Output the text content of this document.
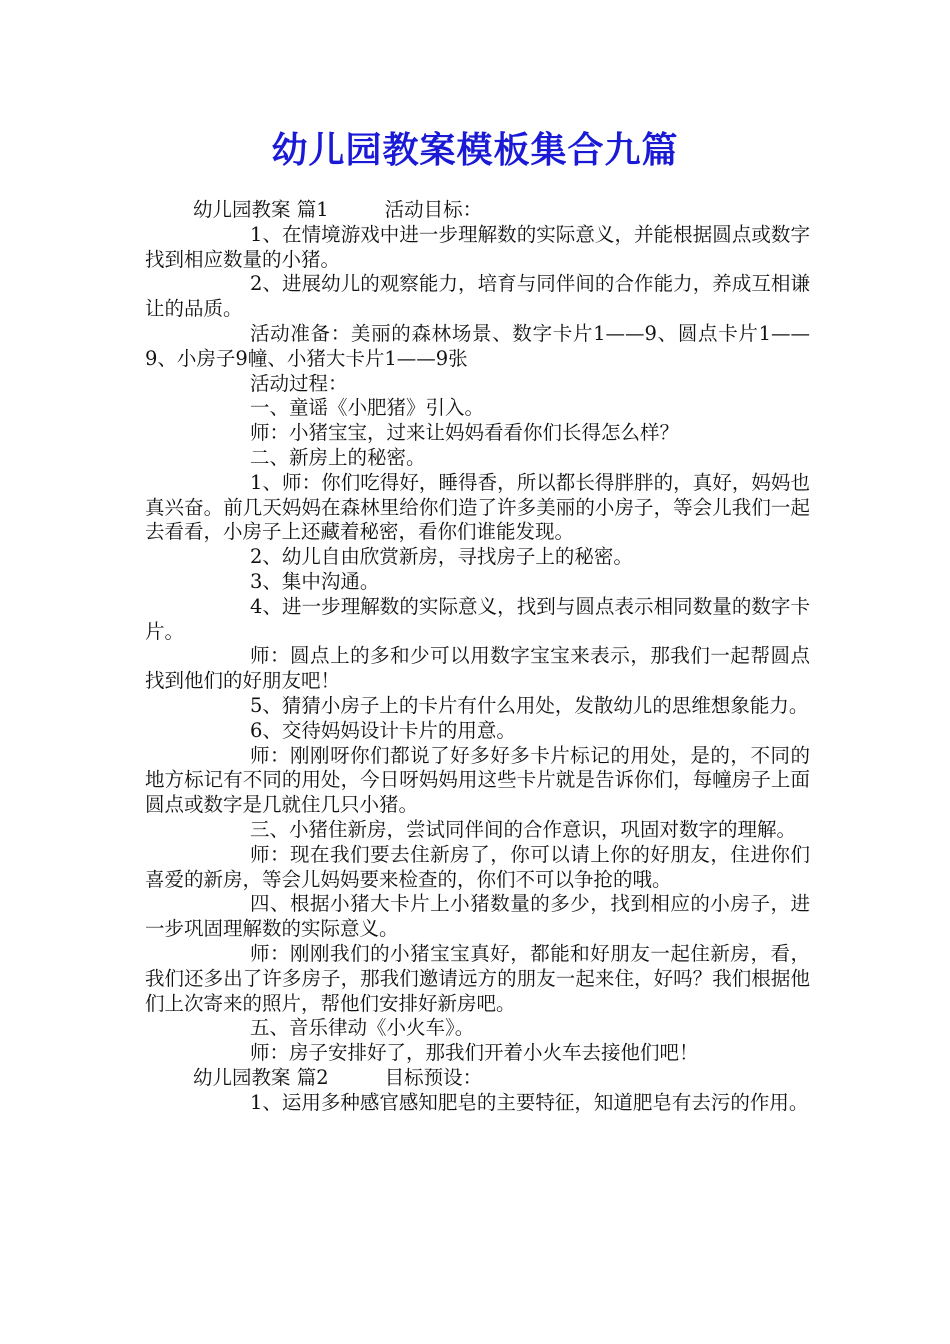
幼儿园教案模板集合九篇

幼儿园教案 篇1	活动目标：

1、在情境游戏中进一步理解数的实际意义，并能根据圆点或数字找到相应数量的小猪。

2、进展幼儿的观察能力，培育与同伴间的合作能力，养成互相谦让的品质。

活动准备：美丽的森林场景、数字卡片1——9、圆点卡片1——9、小房子9幢、小猪大卡片1——9张

活动过程：

一、童谣《小肥猪》引入。

师：小猪宝宝，过来让妈妈看看你们长得怎么样？

二、新房上的秘密。

1、师：你们吃得好，睡得香，所以都长得胖胖的，真好，妈妈也真兴奋。前几天妈妈在森林里给你们造了许多美丽的小房子，等会儿我们一起去看看，小房子上还藏着秘密，看你们谁能发现。

2、幼儿自由欣赏新房，寻找房子上的秘密。

3、集中沟通。

4、进一步理解数的实际意义，找到与圆点表示相同数量的数字卡片。

师：圆点上的多和少可以用数字宝宝来表示，那我们一起帮圆点找到他们的好朋友吧！

5、猜猜小房子上的卡片有什么用处，发散幼儿的思维想象能力。

6、交待妈妈设计卡片的用意。

师：刚刚呀你们都说了好多好多卡片标记的用处，是的，不同的地方标记有不同的用处，今日呀妈妈用这些卡片就是告诉你们，每幢房子上面圆点或数字是几就住几只小猪。

三、小猪住新房，尝试同伴间的合作意识，巩固对数字的理解。

师：现在我们要去住新房了，你可以请上你的好朋友，住进你们喜爱的新房，等会儿妈妈要来检查的，你们不可以争抢的哦。

四、根据小猪大卡片上小猪数量的多少，找到相应的小房子，进一步巩固理解数的实际意义。

师：刚刚我们的小猪宝宝真好，都能和好朋友一起住新房，看，我们还多出了许多房子，那我们邀请远方的朋友一起来住，好吗？我们根据他们上次寄来的照片，帮他们安排好新房吧。

五、音乐律动《小火车》。

师：房子安排好了，那我们开着小火车去接他们吧！

幼儿园教案 篇2	目标预设：

1、运用多种感官感知肥皂的主要特征，知道肥皂有去污的作用。
